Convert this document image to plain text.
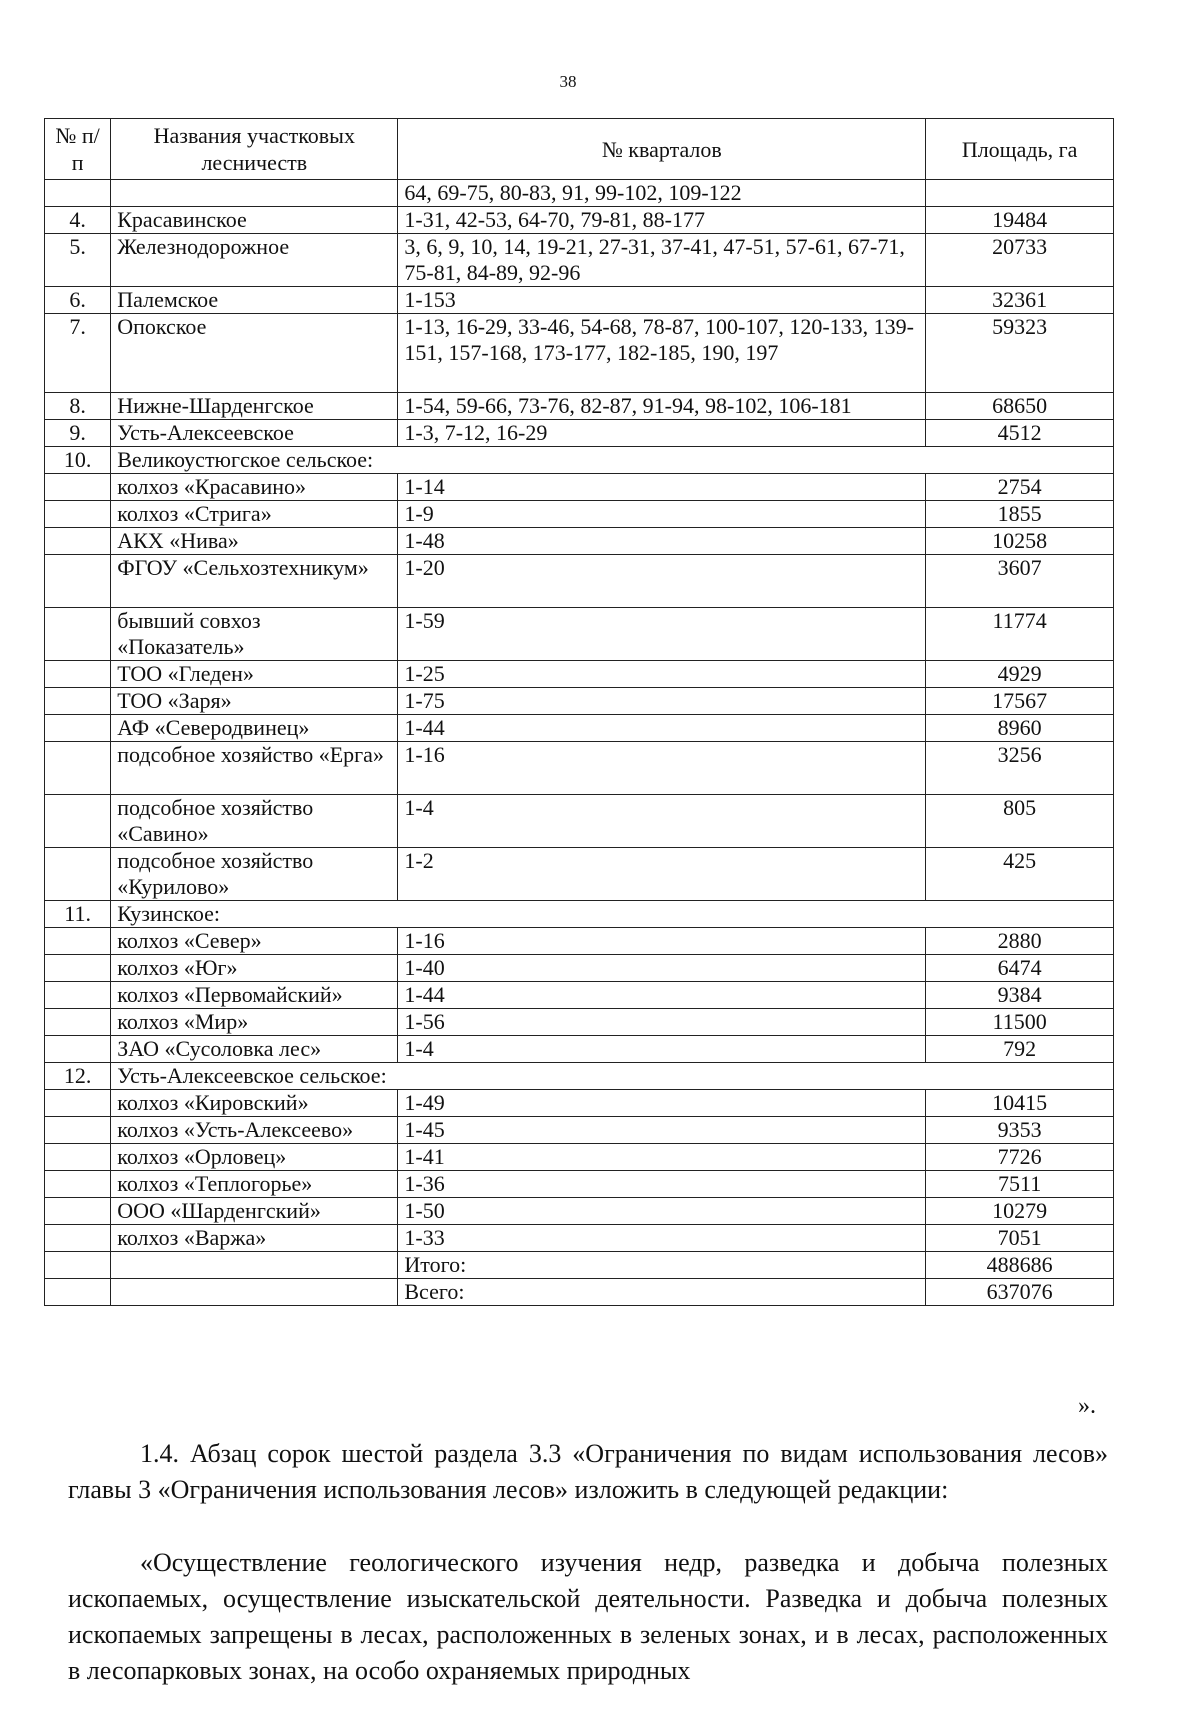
38
№ п/п	Названия участковых лесничеств	№ кварталов	Площадь, га
		64, 69-75, 80-83, 91, 99-102, 109-122	
4.	Красавинское	1-31, 42-53, 64-70, 79-81, 88-177	19484
5.	Железнодорожное	3, 6, 9, 10, 14, 19-21, 27-31, 37-41, 47-51, 57-61, 67-71, 75-81, 84-89, 92-96	20733
6.	Палемское	1-153	32361
7.	Опокское	1-13, 16-29, 33-46, 54-68, 78-87, 100-107, 120-133, 139-151, 157-168, 173-177, 182-185, 190, 197	59323
8.	Нижне-Шарденгское	1-54, 59-66, 73-76, 82-87, 91-94, 98-102, 106-181	68650
9.	Усть-Алексеевское	1-3, 7-12, 16-29	4512
10.	Великоустюгское сельское:		
	колхоз «Красавино»	1-14	2754
	колхоз «Стрига»	1-9	1855
	АКХ «Нива»	1-48	10258
	ФГОУ «Сельхозтехникум»	1-20	3607
	бывший совхоз «Показатель»	1-59	11774
	ТОО «Гледен»	1-25	4929
	ТОО «Заря»	1-75	17567
	АФ «Северодвинец»	1-44	8960
	подсобное хозяйство «Ерга»	1-16	3256
	подсобное хозяйство «Савино»	1-4	805
	подсобное хозяйство «Курилово»	1-2	425
11.	Кузинское:		
	колхоз «Север»	1-16	2880
	колхоз «Юг»	1-40	6474
	колхоз «Первомайский»	1-44	9384
	колхоз «Мир»	1-56	11500
	ЗАО «Сусоловка лес»	1-4	792
12.	Усть-Алексеевское сельское:		
	колхоз «Кировский»	1-49	10415
	колхоз «Усть-Алексеево»	1-45	9353
	колхоз «Орловец»	1-41	7726
	колхоз «Теплогорье»	1-36	7511
	ООО «Шарденгский»	1-50	10279
	колхоз «Варжа»	1-33	7051
		Итого:	488686
		Всего:	637076
».

1.4. Абзац сорок шестой раздела 3.3 «Ограничения по видам использования лесов» главы 3 «Ограничения использования лесов» изложить в следующей редакции:

«Осуществление геологического изучения недр, разведка и добыча полезных ископаемых, осуществление изыскательской деятельности. Разведка и добыча полезных ископаемых запрещены в лесах, расположенных в зеленых зонах, и в лесах, расположенных в лесопарковых зонах, на особо охраняемых природных
